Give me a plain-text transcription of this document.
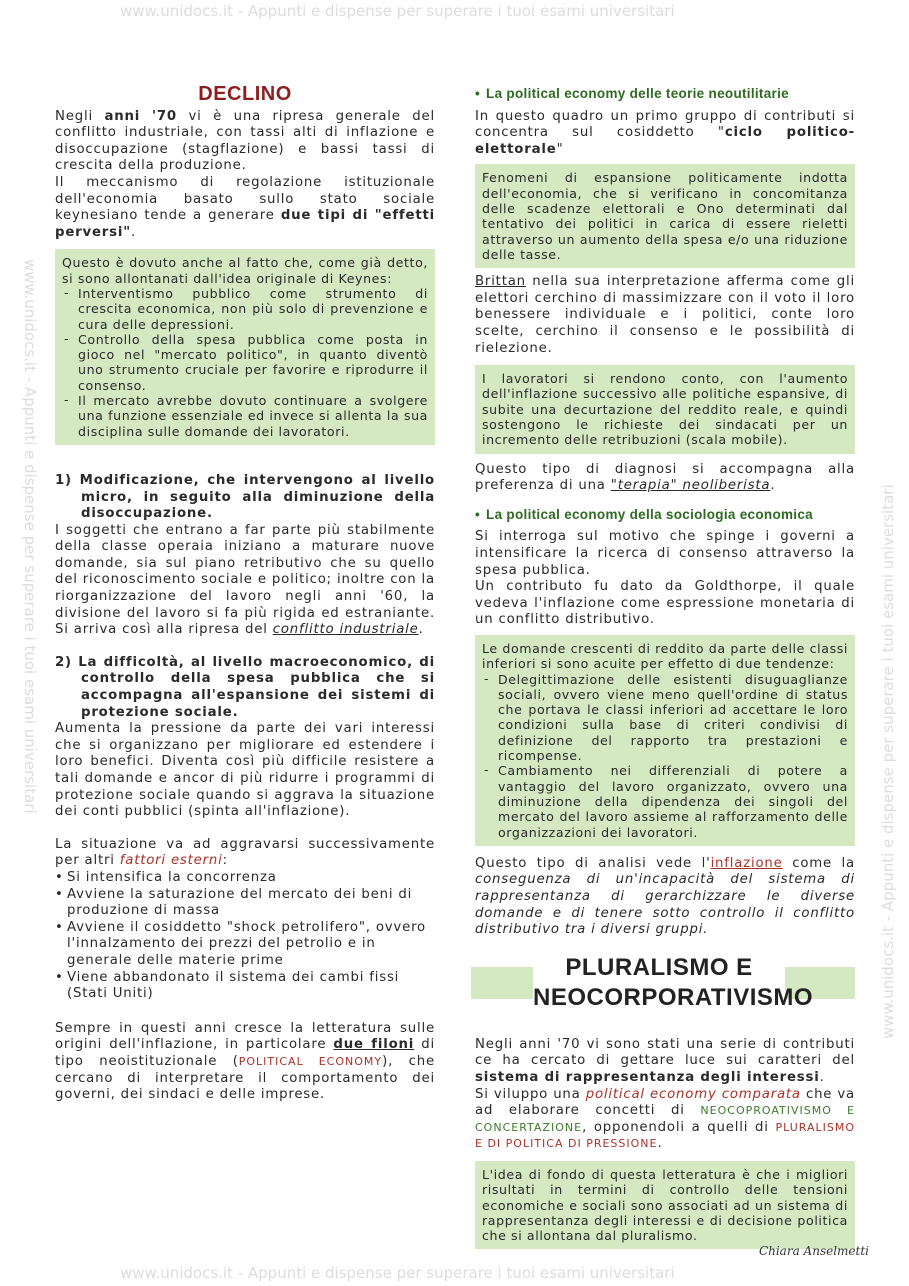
www.unidocs.it - Appunti e dispense per superare i tuoi esami universitari
www.unidocs.it - Appunti e dispense per superare i tuoi esami universitari
www.unidocs.it - Appunti e dispense per superare i tuoi esami universitari	www.unidocs.it - Appunti e dispense per superare i tuoi esami universitari
DECLINO

Negli anni '70 vi è una ripresa generale del conflitto industriale, con tassi alti di inflazione e disoccupazione (stagflazione) e bassi tassi di crescita della produzione.
Il meccanismo di regolazione istituzionale dell'economia basato sullo stato sociale keynesiano tende a generare due tipi di "effetti perversi".

Questo è dovuto anche al fatto che, come già detto, si sono allontanati dall'idea originale di Keynes:

- Interventismo pubblico come strumento di crescita economica, non più solo di prevenzione e cura delle depressioni.
- Controllo della spesa pubblica come posta in gioco nel "mercato politico", in quanto diventò uno strumento cruciale per favorire e riprodurre il consenso.
- Il mercato avrebbe dovuto continuare a svolgere una funzione essenziale ed invece si allenta la sua disciplina sulle domande dei lavoratori.

1) Modificazione, che intervengono al livello micro, in seguito alla diminuzione della disoccupazione.

I soggetti che entrano a far parte più stabilmente della classe operaia iniziano a maturare nuove domande, sia sul piano retributivo che su quello del riconoscimento sociale e politico; inoltre con la riorganizzazione del lavoro negli anni '60, la divisione del lavoro si fa più rigida ed estraniante. Si arriva così alla ripresa del conflitto industriale.

2) La difficoltà, al livello macroeconomico, di controllo della spesa pubblica che si accompagna all'espansione dei sistemi di protezione sociale.

Aumenta la pressione da parte dei vari interessi che si organizzano per migliorare ed estendere i loro benefici. Diventa così più difficile resistere a tali domande e ancor di più ridurre i programmi di protezione sociale quando si aggrava la situazione dei conti pubblici (spinta all'inflazione).

La situazione va ad aggravarsi successivamente per altri fattori esterni:

• Si intensifica la concorrenza
• Avviene la saturazione del mercato dei beni di produzione di massa
• Avviene il cosiddetto "shock petrolifero", ovvero l'innalzamento dei prezzi del petrolio e in generale delle materie prime
• Viene abbandonato il sistema dei cambi fissi (Stati Uniti)

Sempre in questi anni cresce la letteratura sulle origini dell'inflazione, in particolare due filoni di tipo neoistituzionale (POLITICAL ECONOMY), che cercano di interpretare il comportamento dei governi, dei sindaci e delle imprese.

• La political economy delle teorie neoutilitarie

In questo quadro un primo gruppo di contributi si concentra sul cosiddetto "ciclo politico-elettorale"

Fenomeni di espansione politicamente indotta dell'economia, che si verificano in concomitanza delle scadenze elettorali e Ono determinati dal tentativo dei politici in carica di essere rieletti attraverso un aumento della spesa e/o una riduzione delle tasse.

Brittan nella sua interpretazione afferma come gli elettori cerchino di massimizzare con il voto il loro benessere individuale e i politici, conte loro scelte, cerchino il consenso e le possibilità di rielezione.

I lavoratori si rendono conto, con l'aumento dell'inflazione successivo alle politiche espansive, di subite una decurtazione del reddito reale, e quindi sostengono le richieste dei sindacati per un incremento delle retribuzioni (scala mobile).

Questo tipo di diagnosi si accompagna alla preferenza di una "terapia" neoliberista.

• La political economy della sociologia economica

Si interroga sul motivo che spinge i governi a intensificare la ricerca di consenso attraverso la spesa pubblica.

Un contributo fu dato da Goldthorpe, il quale vedeva l'inflazione come espressione monetaria di un conflitto distributivo.

Le domande crescenti di reddito da parte delle classi inferiori si sono acuite per effetto di due tendenze:

- Delegittimazione delle esistenti disuguaglianze sociali, ovvero viene meno quell'ordine di status che portava le classi inferiori ad accettare le loro condizioni sulla base di criteri condivisi di definizione del rapporto tra prestazioni e ricompense.
- Cambiamento nei differenziali di potere a vantaggio del lavoro organizzato, ovvero una diminuzione della dipendenza dei singoli del mercato del lavoro assieme al rafforzamento delle organizzazioni dei lavoratori.

Questo tipo di analisi vede l'inflazione come la conseguenza di un'incapacità del sistema di rappresentanza di gerarchizzare le diverse domande e di tenere sotto controllo il conflitto distributivo tra i diversi gruppi.

PLURALISMO E
NEOCORPORATIVISMO

Negli anni '70 vi sono stati una serie di contributi ce ha cercato di gettare luce sui caratteri del sistema di rappresentanza degli interessi.

Si viluppo una political economy comparata che va ad elaborare concetti di NEOCOPROATIVISMO E CONCERTAZIONE, opponendoli a quelli di PLURALISMO E DI POLITICA DI PRESSIONE.

L'idea di fondo di questa letteratura è che i migliori risultati in termini di controllo delle tensioni economiche e sociali sono associati ad un sistema di rappresentanza degli interessi e di decisione politica che si allontana dal pluralismo.

Chiara Anselmetti
